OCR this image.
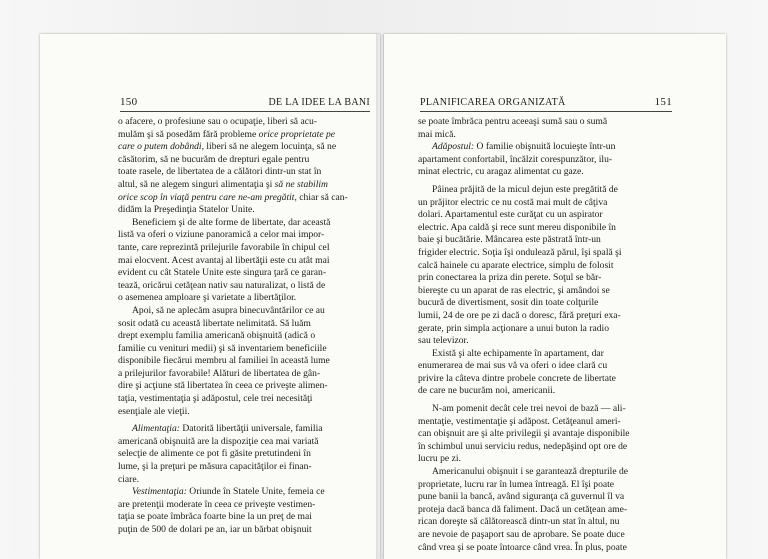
150	DE LA IDEE LA BANI

o afacere, o profesiune sau o ocupaţie, liberi să acu-
mulăm şi să posedăm fără probleme orice proprietate pe
care o putem dobândi, liberi să ne alegem locuinţa, să ne
căsătorim, să ne bucurăm de drepturi egale pentru
toate rasele, de libertatea de a călători dintr-un stat în
altul, să ne alegem singuri alimentaţia şi să ne stabilim
orice scop în viaţă pentru care ne-am pregătit, chiar să can-
didăm la Preşedinţia Statelor Unite.

Beneficiem şi de alte forme de libertate, dar această
listă va oferi o viziune panoramică a celor mai impor-
tante, care reprezintă prilejurile favorabile în chipul cel
mai elocvent. Acest avantaj al libertăţii este cu atât mai
evident cu cât Statele Unite este singura ţară ce garan-
tează, oricărui cetăţean nativ sau naturalizat, o listă de
o asemenea amploare şi varietate a libertăţilor.

Apoi, să ne aplecăm asupra binecuvântărilor ce au
sosit odată cu această libertate nelimitată. Să luăm
drept exemplu familia americană obişnuită (adică o
familie cu venituri medii) şi să inventariem beneficiile
disponibile fiecărui membru al familiei în această lume
a prilejurilor favorabile! Alături de libertatea de gân-
dire şi acţiune stă libertatea în ceea ce priveşte alimen-
taţia, vestimentaţia şi adăpostul, cele trei necesităţi
esenţiale ale vieţii.

Alimentaţia: Datorită libertăţii universale, familia
americană obişnuită are la dispoziţie cea mai variată
selecţie de alimente ce pot fi găsite pretutindeni în
lume, şi la preţuri pe măsura capacităţilor ei finan-
ciare.

Vestimentaţia: Oriunde în Statele Unite, femeia ce
are pretenţii moderate în ceea ce priveşte vestimen-
taţia se poate îmbrăca foarte bine la un preţ de mai
puţin de 500 de dolari pe an, iar un bărbat obişnuit

PLANIFICAREA ORGANIZATĂ	151

se poate îmbrăca pentru aceeaşi sumă sau o sumă
mai mică.

Adăpostul: O familie obişnuită locuieşte într-un
apartament confortabil, încălzit corespunzător, ilu-
minat electric, cu aragaz alimentat cu gaze.

Pâinea prăjită de la micul dejun este pregătită de
un prăjitor electric ce nu costă mai mult de câţiva
dolari. Apartamentul este curăţat cu un aspirator
electric. Apa caldă şi rece sunt mereu disponibile în
baie şi bucătărie. Mâncarea este păstrată într-un
frigider electric. Soţia îşi ondulează părul, îşi spală şi
calcă hainele cu aparate electrice, simplu de folosit
prin conectarea la priza din perete. Soţul se băr-
biereşte cu un aparat de ras electric, şi amândoi se
bucură de divertisment, sosit din toate colţurile
lumii, 24 de ore pe zi dacă o doresc, fără preţuri exa-
gerate, prin simpla acţionare a unui buton la radio
sau televizor.

Există şi alte echipamente în apartament, dar
enumerarea de mai sus vă va oferi o idee clară cu
privire la câteva dintre probele concrete de libertate
de care ne bucurăm noi, americanii.

N-am pomenit decât cele trei nevoi de bază — ali-
mentaţie, vestimentaţie şi adăpost. Cetăţeanul ameri-
can obişnuit are şi alte privilegii şi avantaje disponibile
în schimbul unui serviciu redus, nedepăşind opt ore de
lucru pe zi.

Americanului obişnuit i se garantează drepturile de
proprietate, lucru rar în lumea întreagă. El îşi poate
pune banii la bancă, având siguranţa că guvernul îl va
proteja dacă banca dă faliment. Dacă un cetăţean ame-
rican doreşte să călătorească dintr-un stat în altul, nu
are nevoie de paşaport sau de aprobare. Se poate duce
când vrea şi se poate întoarce când vrea. În plus, poate
